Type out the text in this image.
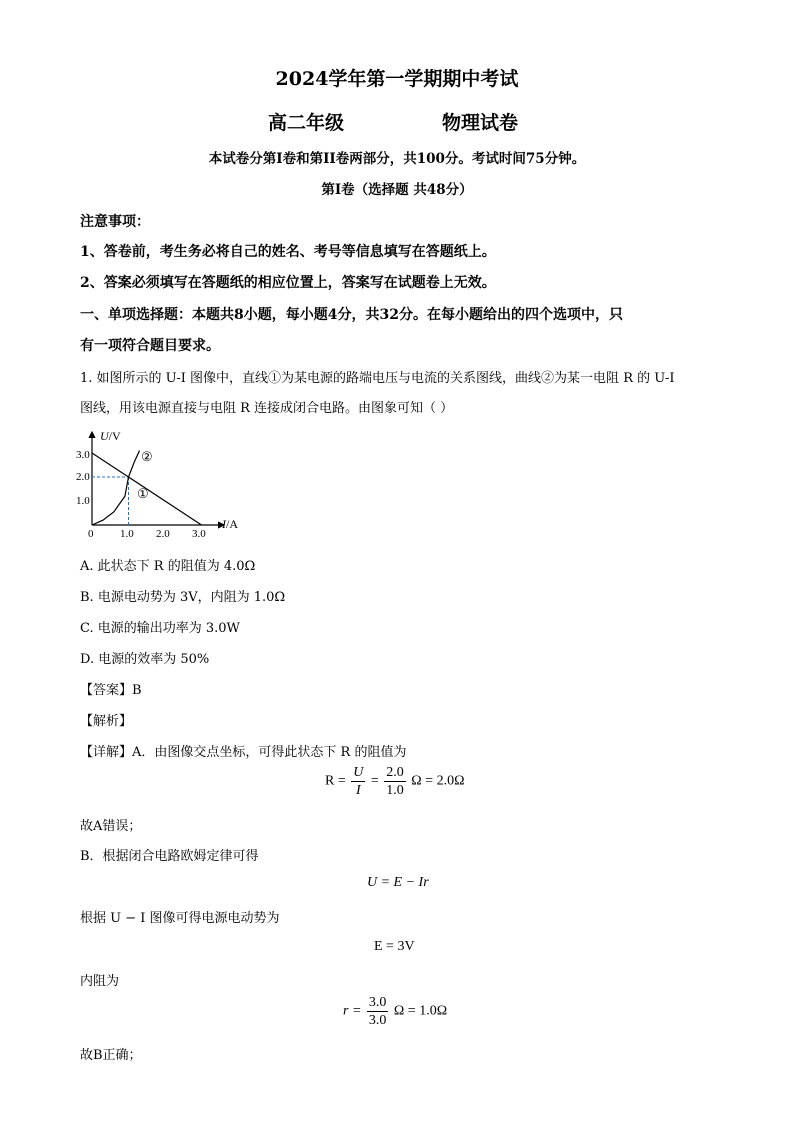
2024学年第一学期期中考试
高二年级	物理试卷
本试卷分第I卷和第II卷两部分，共100分。考试时间75分钟。
第I卷（选择题 共48分）
注意事项：
1、答卷前，考生务必将自己的姓名、考号等信息填写在答题纸上。
2、答案必须填写在答题纸的相应位置上，答案写在试题卷上无效。
一、单项选择题：本题共8小题，每小题4分，共32分。在每小题给出的四个选项中，只
有一项符合题目要求。
1. 如图所示的 U-I 图像中，直线①为某电源的路端电压与电流的关系图线，曲线②为某一电阻 R 的 U-I
图线，用该电源直接与电阻 R 连接成闭合电路。由图象可知（ ）
U/V
I/A
0
3.0
2.0
1.0
1.0 2.0 3.0
①
②
A. 此状态下 R 的阻值为 4.0Ω
B. 电源电动势为 3V，内阻为 1.0Ω
C. 电源的输出功率为 3.0W
D. 电源的效率为 50%
【答案】B
【解析】
【详解】A．由图像交点坐标，可得此状态下 R 的阻值为
$R = \frac{U}{I} = \frac{2.0}{1.0}$ Ω = 2.0Ω
故A错误；
B．根据闭合电路欧姆定律可得
U = E − Ir
根据 U − I 图像可得电源电动势为
E = 3V
内阻为
$r = \frac{3.0}{3.0}$ Ω = 1.0Ω
故B正确；
